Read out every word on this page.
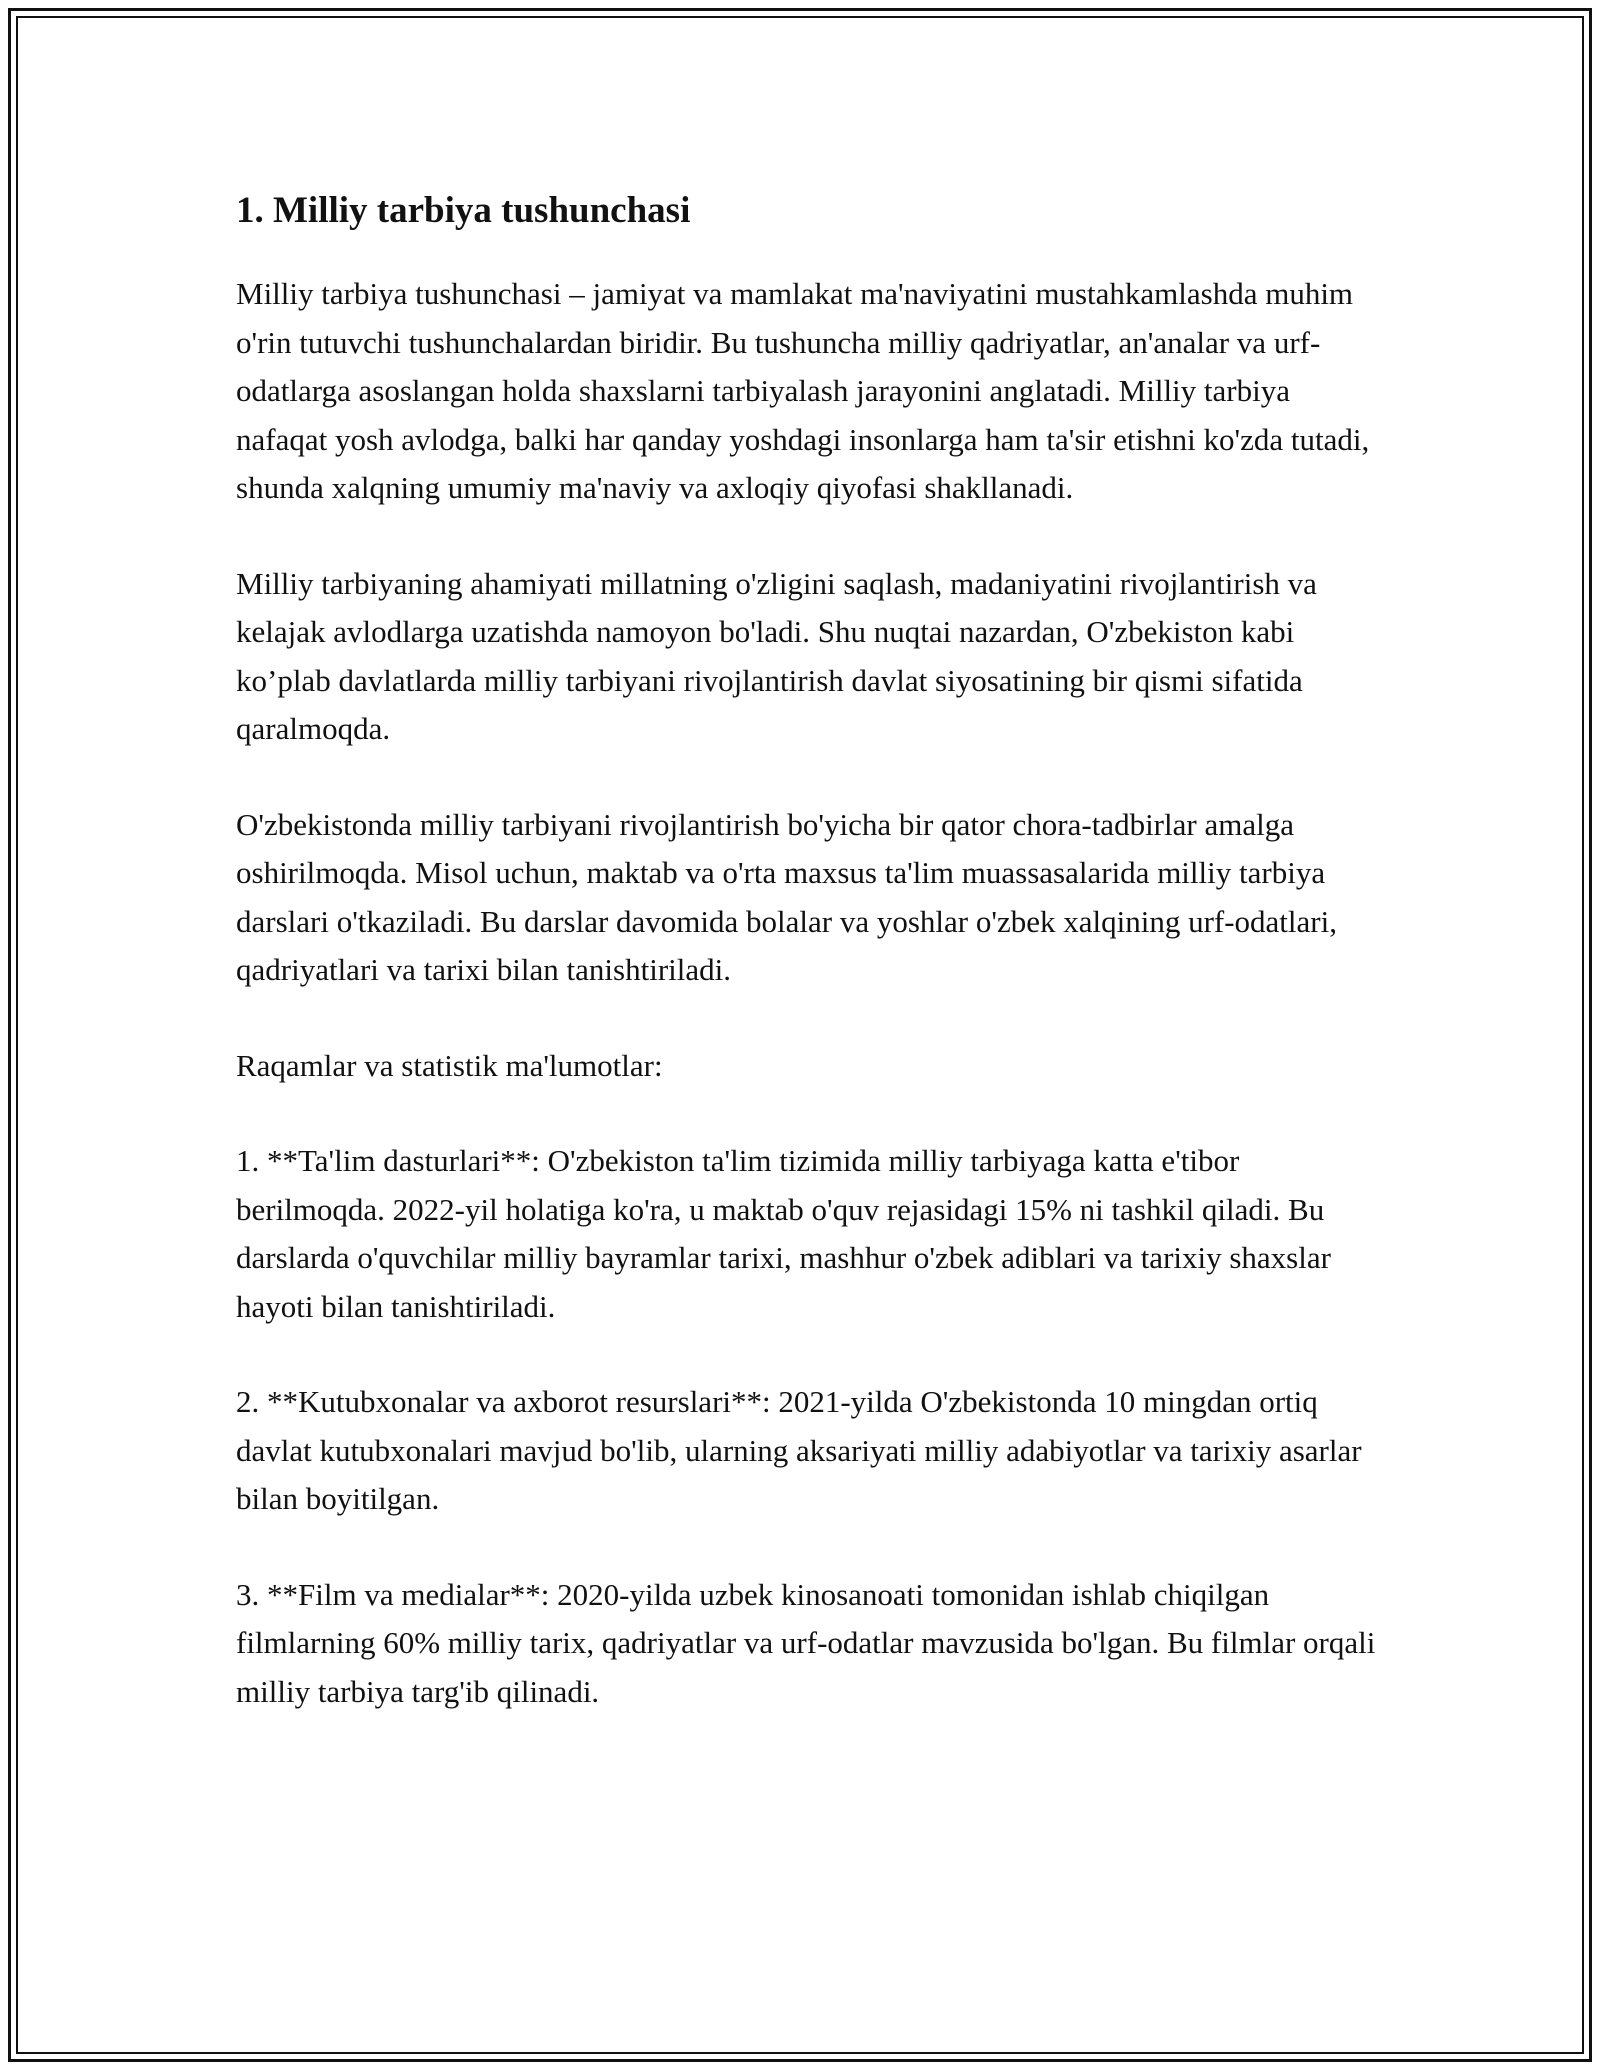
1. Milliy tarbiya tushunchasi

Milliy tarbiya tushunchasi – jamiyat va mamlakat ma'naviyatini mustahkamlashda muhim o'rin tutuvchi tushunchalardan biridir. Bu tushuncha milliy qadriyatlar, an'analar va urf-odatlarga asoslangan holda shaxslarni tarbiyalash jarayonini anglatadi. Milliy tarbiya nafaqat yosh avlodga, balki har qanday yoshdagi insonlarga ham ta'sir etishni ko'zda tutadi, shunda xalqning umumiy ma'naviy va axloqiy qiyofasi shakllanadi.

Milliy tarbiyaning ahamiyati millatning o'zligini saqlash, madaniyatini rivojlantirish va kelajak avlodlarga uzatishda namoyon bo'ladi. Shu nuqtai nazardan, O'zbekiston kabi ko’plab davlatlarda milliy tarbiyani rivojlantirish davlat siyosatining bir qismi sifatida qaralmoqda.

O'zbekistonda milliy tarbiyani rivojlantirish bo'yicha bir qator chora-tadbirlar amalga oshirilmoqda. Misol uchun, maktab va o'rta maxsus ta'lim muassasalarida milliy tarbiya darslari o'tkaziladi. Bu darslar davomida bolalar va yoshlar o'zbek xalqining urf-odatlari, qadriyatlari va tarixi bilan tanishtiriladi.

Raqamlar va statistik ma'lumotlar:

1. **Ta'lim dasturlari**: O'zbekiston ta'lim tizimida milliy tarbiyaga katta e'tibor berilmoqda. 2022-yil holatiga ko'ra, u maktab o'quv rejasidagi 15% ni tashkil qiladi. Bu darslarda o'quvchilar milliy bayramlar tarixi, mashhur o'zbek adiblari va tarixiy shaxslar hayoti bilan tanishtiriladi.

2. **Kutubxonalar va axborot resurslari**: 2021-yilda O'zbekistonda 10 mingdan ortiq davlat kutubxonalari mavjud bo'lib, ularning aksariyati milliy adabiyotlar va tarixiy asarlar bilan boyitilgan.

3. **Film va medialar**: 2020-yilda uzbek kinosanoati tomonidan ishlab chiqilgan filmlarning 60% milliy tarix, qadriyatlar va urf-odatlar mavzusida bo'lgan. Bu filmlar orqali milliy tarbiya targ'ib qilinadi.
